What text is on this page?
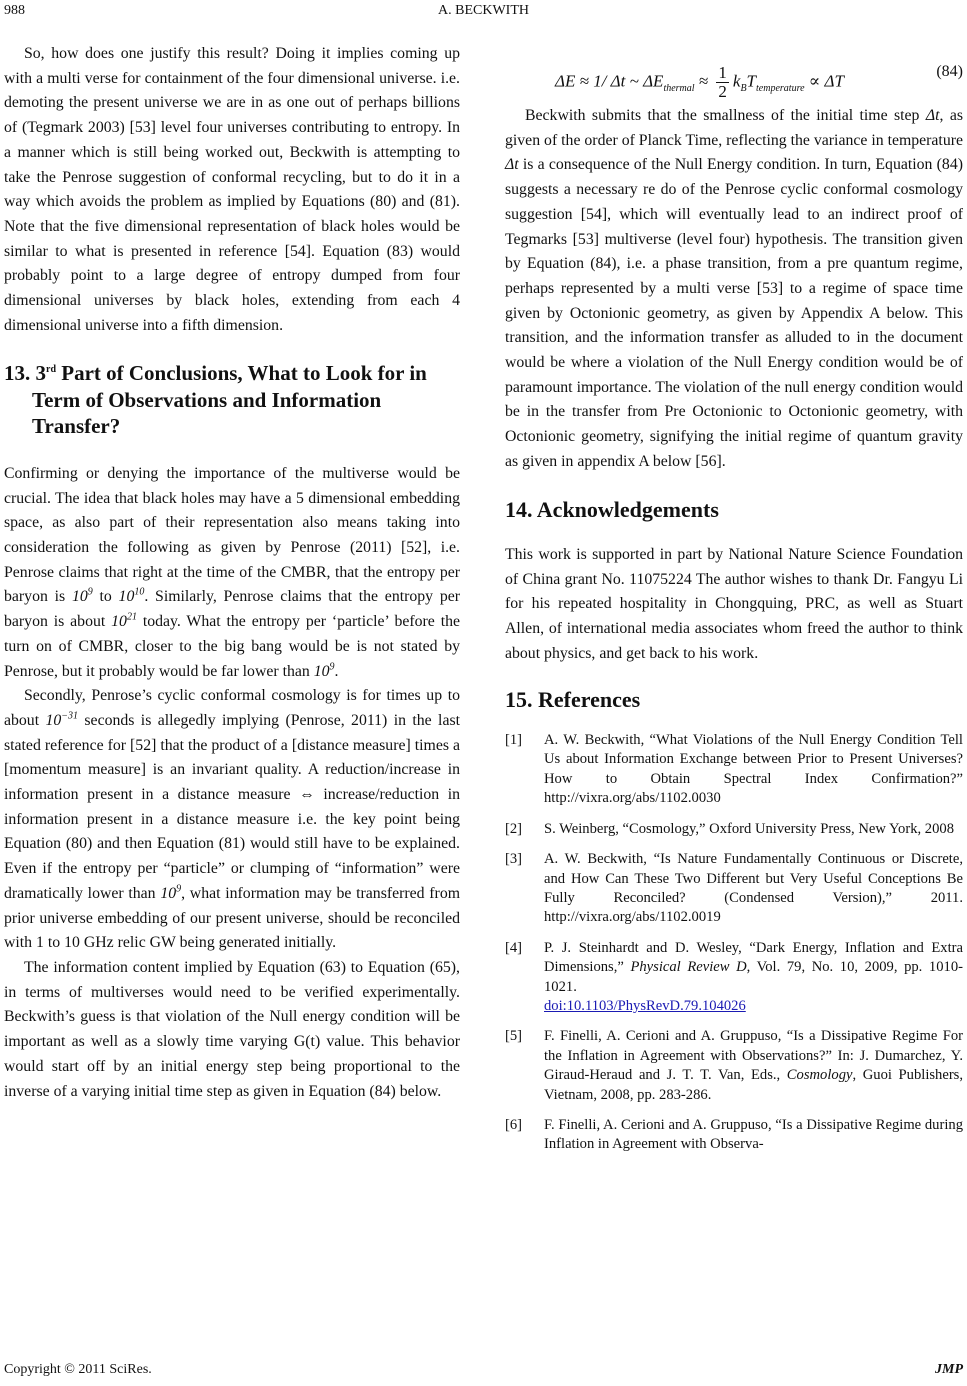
988	A. BECKWITH

So, how does one justify this result? Doing it implies coming up with a multi verse for containment of the four dimensional universe. i.e. demoting the present universe we are in as one out of perhaps billions of (Tegmark 2003) [53] level four universes contributing to entropy. In a manner which is still being worked out, Beckwith is attempting to take the Penrose suggestion of conformal recycling, but to do it in a way which avoids the problem as implied by Equations (80) and (81). Note that the five dimensional representation of black holes would be similar to what is presented in reference [54]. Equation (83) would probably point to a large degree of entropy dumped from four dimensional universes by black holes, extending from each 4 dimensional universe into a fifth dimension.

13. 3rd Part of Conclusions, What to Look for in Term of Observations and Information Transfer?

Confirming or denying the importance of the multiverse would be crucial. The idea that black holes may have a 5 dimensional embedding space, as also part of their representation also means taking into consideration the following as given by Penrose (2011) [52], i.e. Penrose claims that right at the time of the CMBR, that the entropy per baryon is $10^9$ to $10^{10}$. Similarly, Penrose claims that the entropy per baryon is about $10^{21}$ today. What the entropy per ‘particle’ before the turn on of CMBR, closer to the big bang would be is not stated by Penrose, but it probably would be far lower than $10^9$.

Secondly, Penrose’s cyclic conformal cosmology is for times up to about $10^{-31}$ seconds is allegedly implying (Penrose, 2011) in the last stated reference for [52] that the product of a [distance measure] times a [momentum measure] is an invariant quality. A reduction/increase in information present in a distance measure ⇔ increase/reduction in information present in a distance measure i.e. the key point being Equation (80) and then Equation (81) would still have to be explained. Even if the entropy per “particle” or clumping of “information” were dramatically lower than $10^9$, what information may be transferred from prior universe embedding of our present universe, should be reconciled with 1 to 10 GHz relic GW being generated initially.

The information content implied by Equation (63) to Equation (65), in terms of multiverses would need to be verified experimentally. Beckwith’s guess is that violation of the Null energy condition will be important as well as a slowly time varying G(t) value. This behavior would start off by an initial energy step being proportional to the inverse of a varying initial time step as given in Equation (84) below.

ΔE ≈ 1/ Δt ~ $\Delta E_{thermal} \approx \frac{1}{2} k_BT_{temperature} \propto \Delta T$	(84)

Beckwith submits that the smallness of the initial time step Δt, as given of the order of Planck Time, reflecting the variance in temperature Δt is a consequence of the Null Energy condition. In turn, Equation (84) suggests a necessary re do of the Penrose cyclic conformal cosmology suggestion [54], which will eventually lead to an indirect proof of Tegmarks [53] multiverse (level four) hypothesis. The transition given by Equation (84), i.e. a phase transition, from a pre quantum regime, perhaps represented by a multi verse [53] to a regime of space time given by Octonionic geometry, as given by Appendix A below. This transition, and the information transfer as alluded to in the document would be where a violation of the Null Energy condition would be of paramount importance. The violation of the null energy condition would be in the transfer from Pre Octonionic to Octonionic geometry, with Octonionic geometry, signifying the initial regime of quantum gravity as given in appendix A below [56].

14. Acknowledgements

This work is supported in part by National Nature Science Foundation of China grant No. 11075224 The author wishes to thank Dr. Fangyu Li for his repeated hospitality in Chongquing, PRC, as well as Stuart Allen, of international media associates whom freed the author to think about physics, and get back to his work.

15. References
[1] A. W. Beckwith, “What Violations of the Null Energy Condition Tell Us about Information Exchange between Prior to Present Universes? How to Obtain Spectral Index Confirmation?” http://vixra.org/abs/1102.0030
[2] S. Weinberg, “Cosmology,” Oxford University Press, New York, 2008
[3] A. W. Beckwith, “Is Nature Fundamentally Continuous or Discrete, and How Can These Two Different but Very Useful Conceptions Be Fully Reconciled? (Condensed Version),” 2011. http://vixra.org/abs/1102.0019
[4] P. J. Steinhardt and D. Wesley, “Dark Energy, Inflation and Extra Dimensions,” Physical Review D, Vol. 79, No. 10, 2009, pp. 1010-1021.
doi:10.1103/PhysRevD.79.104026
[5] F. Finelli, A. Cerioni and A. Gruppuso, “Is a Dissipative Regime For the Inflation in Agreement with Observations?” In: J. Dumarchez, Y. Giraud-Heraud and J. T. T. Van, Eds., Cosmology, Guoi Publishers, Vietnam, 2008, pp. 283-286.
[6] F. Finelli, A. Cerioni and A. Gruppuso, “Is a Dissipative Regime during Inflation in Agreement with Observa-
Copyright © 2011 SciRes.	JMP
